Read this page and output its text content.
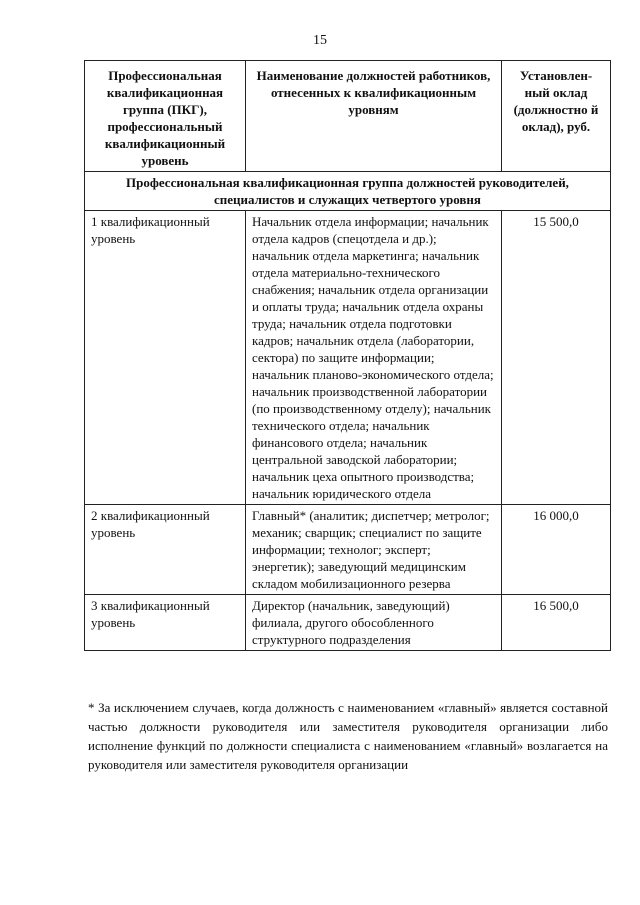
15
Профессиональная квалификационная группа (ПКГ), профессиональный квалификационный уровень	Наименование должностей работников, отнесенных к квалификационным уровням	Установлен-ный оклад (должностно й оклад), руб.
Профессиональная квалификационная группа должностей руководителей, специалистов и служащих четвертого уровня		
1 квалификационный уровень	Начальник отдела информации; начальник отдела кадров (спецотдела и др.); начальник отдела маркетинга; начальник отдела материально-технического снабжения; начальник отдела организации и оплаты труда; начальник отдела охраны труда; начальник отдела подготовки кадров; начальник отдела (лаборатории, сектора) по защите информации; начальник планово-экономического отдела; начальник производственной лаборатории (по производственному отделу); начальник технического отдела; начальник финансового отдела; начальник центральной заводской лаборатории; начальник цеха опытного производства; начальник юридического отдела	15 500,0
2 квалификационный уровень	Главный* (аналитик; диспетчер; метролог; механик; сварщик; специалист по защите информации; технолог; эксперт; энергетик); заведующий медицинским складом мобилизационного резерва	16 000,0
3 квалификационный уровень	Директор (начальник, заведующий) филиала, другого обособленного структурного подразделения	16 500,0
* За исключением случаев, когда должность с наименованием «главный» является составной частью должности руководителя или заместителя руководителя организации либо исполнение функций по должности специалиста с наименованием «главный» возлагается на руководителя или заместителя руководителя организации
